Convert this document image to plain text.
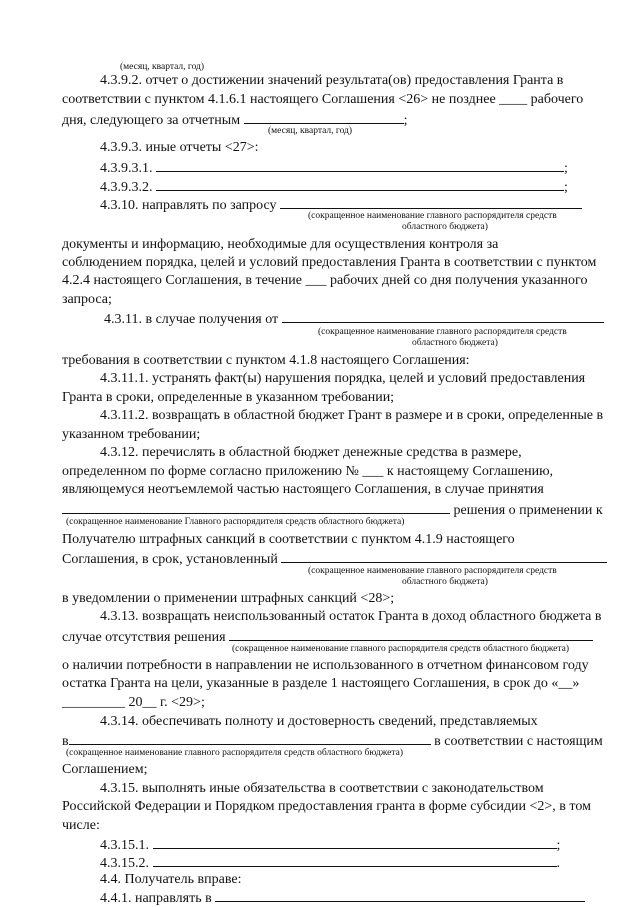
(месяц, квартал, год)
4.3.9.2. отчет о достижении значений результата(ов) предоставления Гранта в
соответствии с пунктом 4.1.6.1 настоящего Соглашения <26> не позднее ____ рабочего
дня, следующего за отчетным	;
(месяц, квартал, год)
4.3.9.3. иные отчеты <27>:
4.3.9.3.1.	;
4.3.9.3.2.	;
4.3.10. направлять по запросу
(сокращенное наименование главного распорядителя средств
областного бюджета)
документы и информацию, необходимые для осуществления контроля за
соблюдением порядка, целей и условий предоставления Гранта в соответствии с пунктом
4.2.4 настоящего Соглашения, в течение ___ рабочих дней со дня получения указанного
запроса;
4.3.11. в случае получения от
(сокращенное наименование главного распорядителя средств
областного бюджета)
требования в соответствии с пунктом 4.1.8 настоящего Соглашения:
4.3.11.1. устранять факт(ы) нарушения порядка, целей и условий предоставления
Гранта в сроки, определенные в указанном требовании;
4.3.11.2. возвращать в областной бюджет Грант в размере и в сроки, определенные в
указанном требовании;
4.3.12. перечислять в областной бюджет денежные средства в размере,
определенном по форме согласно приложению № ___ к настоящему Соглашению,
являющемуся неотъемлемой частью настоящего Соглашения, в случае принятия
решения о применении к
(сокращенное наименование Главного распорядителя средств областного бюджета)
Получателю штрафных санкций в соответствии с пунктом 4.1.9 настоящего
Соглашения, в срок, установленный
(сокращенное наименование главного распорядителя средств
областного бюджета)
в уведомлении о применении штрафных санкций <28>;
4.3.13. возвращать неиспользованный остаток Гранта в доход областного бюджета в
случае отсутствия решения
(сокращенное наименование главного распорядителя средств областного бюджета)
о наличии потребности в направлении не использованного в отчетном финансовом году
остатка Гранта на цели, указанные в разделе 1 настоящего Соглашения, в срок до «__»
_________ 20__ г. <29>;
4.3.14. обеспечивать полноту и достоверность сведений, представляемых
в	в соответствии с настоящим
(сокращенное наименование главного распорядителя средств областного бюджета)
Соглашением;
4.3.15. выполнять иные обязательства в соответствии с законодательством
Российской Федерации и Порядком предоставления гранта в форме субсидии <2>, в том
числе:
4.3.15.1.	;
4.3.15.2.	.
4.4. Получатель вправе:
4.4.1. направлять в
